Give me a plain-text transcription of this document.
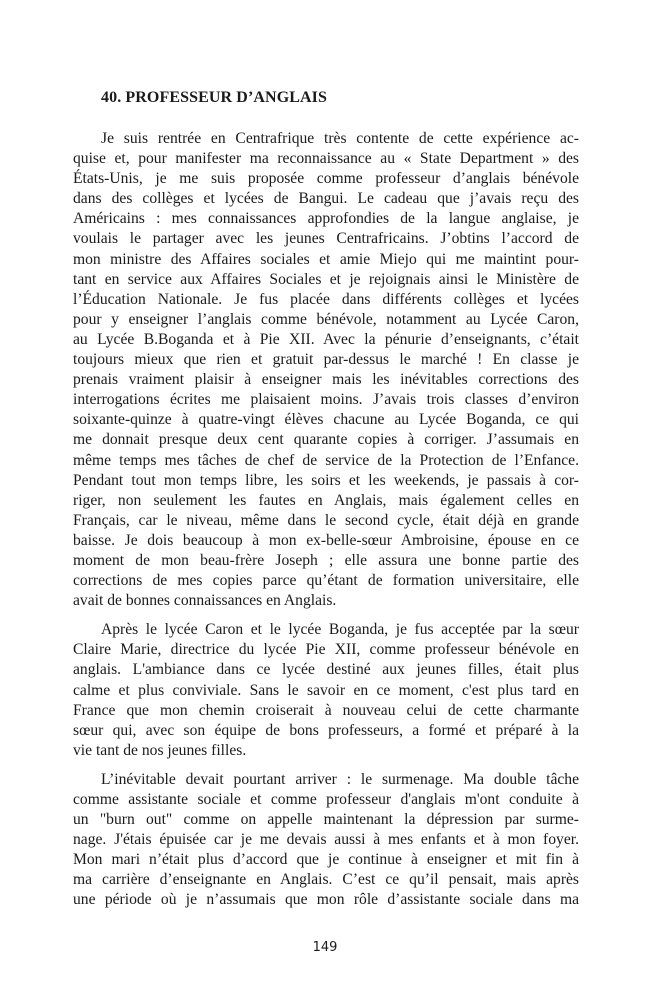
40. PROFESSEUR D’ANGLAIS
Je suis rentrée en Centrafrique très contente de cette expérience ac-
quise et, pour manifester ma reconnaissance au « State Department » des
États-Unis, je me suis proposée comme professeur d’anglais bénévole
dans des collèges et lycées de Bangui. Le cadeau que j’avais reçu des
Américains : mes connaissances approfondies de la langue anglaise, je
voulais le partager avec les jeunes Centrafricains. J’obtins l’accord de
mon ministre des Affaires sociales et amie Miejo qui me maintint pour-
tant en service aux Affaires Sociales et je rejoignais ainsi le Ministère de
l’Éducation Nationale. Je fus placée dans différents collèges et lycées
pour y enseigner l’anglais comme bénévole, notamment au Lycée Caron,
au Lycée B.Boganda et à Pie XII. Avec la pénurie d’enseignants, c’était
toujours mieux que rien et gratuit par-dessus le marché ! En classe je
prenais vraiment plaisir à enseigner mais les inévitables corrections des
interrogations écrites me plaisaient moins. J’avais trois classes d’environ
soixante-quinze à quatre-vingt élèves chacune au Lycée Boganda, ce qui
me donnait presque deux cent quarante copies à corriger. J’assumais en
même temps mes tâches de chef de service de la Protection de l’Enfance.
Pendant tout mon temps libre, les soirs et les weekends, je passais à cor-
riger, non seulement les fautes en Anglais, mais également celles en
Français, car le niveau, même dans le second cycle, était déjà en grande
baisse. Je dois beaucoup à mon ex-belle-sœur Ambroisine, épouse en ce
moment de mon beau-frère Joseph ; elle assura une bonne partie des
corrections de mes copies parce qu’étant de formation universitaire, elle
avait de bonnes connaissances en Anglais.
Après le lycée Caron et le lycée Boganda, je fus acceptée par la sœur
Claire Marie, directrice du lycée Pie XII, comme professeur bénévole en
anglais. L'ambiance dans ce lycée destiné aux jeunes filles, était plus
calme et plus conviviale. Sans le savoir en ce moment, c'est plus tard en
France que mon chemin croiserait à nouveau celui de cette charmante
sœur qui, avec son équipe de bons professeurs, a formé et préparé à la
vie tant de nos jeunes filles.
L’inévitable devait pourtant arriver : le surmenage. Ma double tâche
comme assistante sociale et comme professeur d'anglais m'ont conduite à
un "burn out" comme on appelle maintenant la dépression par surme-
nage. J'étais épuisée car je me devais aussi à mes enfants et à mon foyer.
Mon mari n’était plus d’accord que je continue à enseigner et mit fin à
ma carrière d’enseignante en Anglais. C’est ce qu’il pensait, mais après
une période où je n’assumais que mon rôle d’assistante sociale dans ma
149
